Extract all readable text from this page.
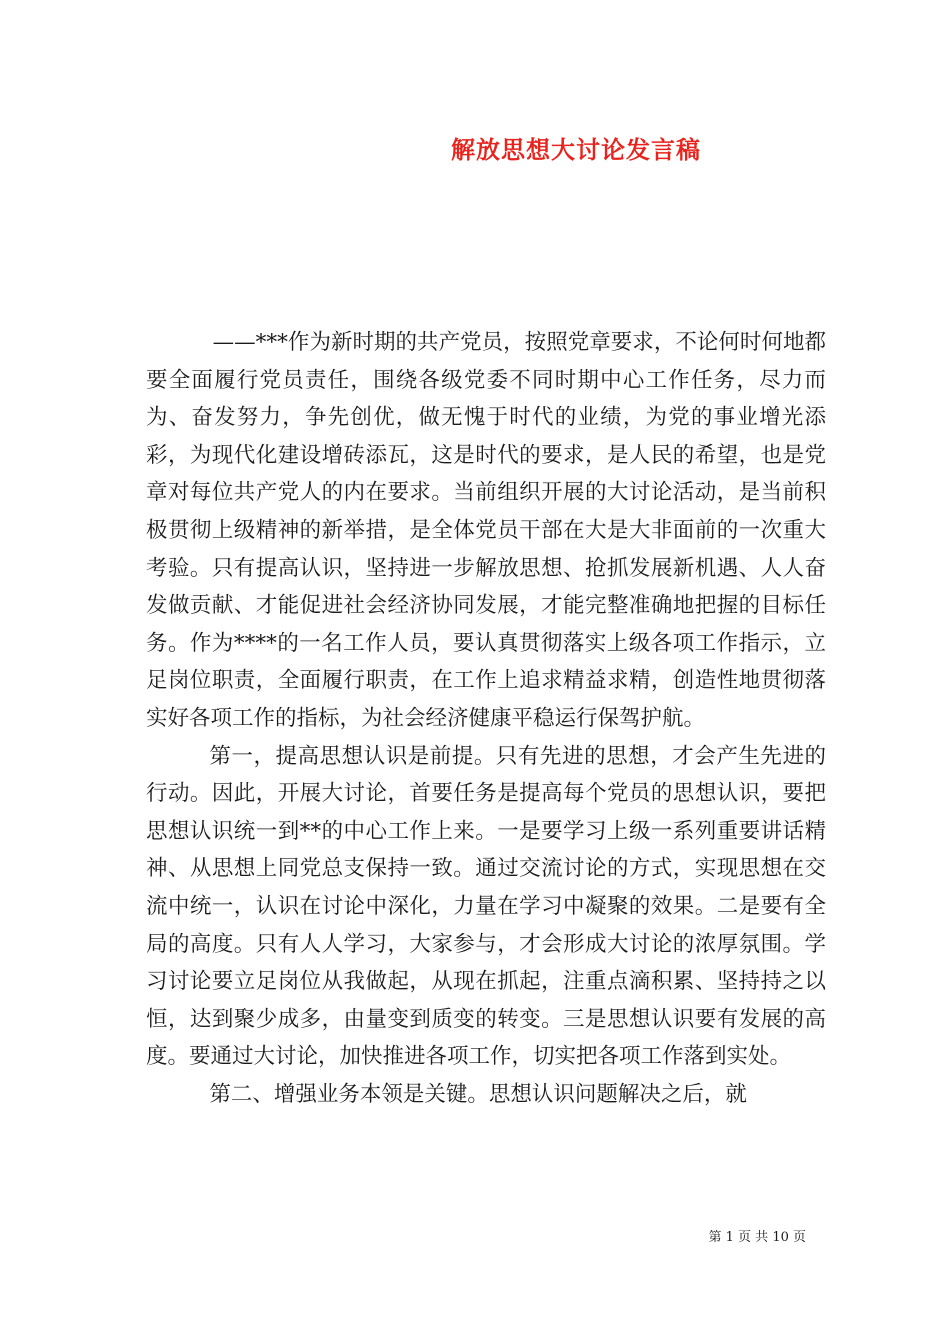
解放思想大讨论发言稿

——***作为新时期的共产党员，按照党章要求，不论何时何地都要全面履行党员责任，围绕各级党委不同时期中心工作任务，尽力而为、奋发努力，争先创优，做无愧于时代的业绩，为党的事业增光添彩，为现代化建设增砖添瓦，这是时代的要求，是人民的希望，也是党章对每位共产党人的内在要求。当前组织开展的大讨论活动，是当前积极贯彻上级精神的新举措，是全体党员干部在大是大非面前的一次重大考验。只有提高认识，坚持进一步解放思想、抢抓发展新机遇、人人奋发做贡献、才能促进社会经济协同发展，才能完整准确地把握的目标任务。作为****的一名工作人员，要认真贯彻落实上级各项工作指示，立足岗位职责，全面履行职责，在工作上追求精益求精，创造性地贯彻落实好各项工作的指标，为社会经济健康平稳运行保驾护航。

第一，提高思想认识是前提。只有先进的思想，才会产生先进的行动。因此，开展大讨论，首要任务是提高每个党员的思想认识，要把思想认识统一到**的中心工作上来。一是要学习上级一系列重要讲话精神、从思想上同党总支保持一致。通过交流讨论的方式，实现思想在交流中统一，认识在讨论中深化，力量在学习中凝聚的效果。二是要有全局的高度。只有人人学习，大家参与，才会形成大讨论的浓厚氛围。学习讨论要立足岗位从我做起，从现在抓起，注重点滴积累、坚持持之以恒，达到聚少成多，由量变到质变的转变。三是思想认识要有发展的高度。要通过大讨论，加快推进各项工作，切实把各项工作落到实处。

第二、增强业务本领是关键。思想认识问题解决之后，就

第 1 页 共 10 页
